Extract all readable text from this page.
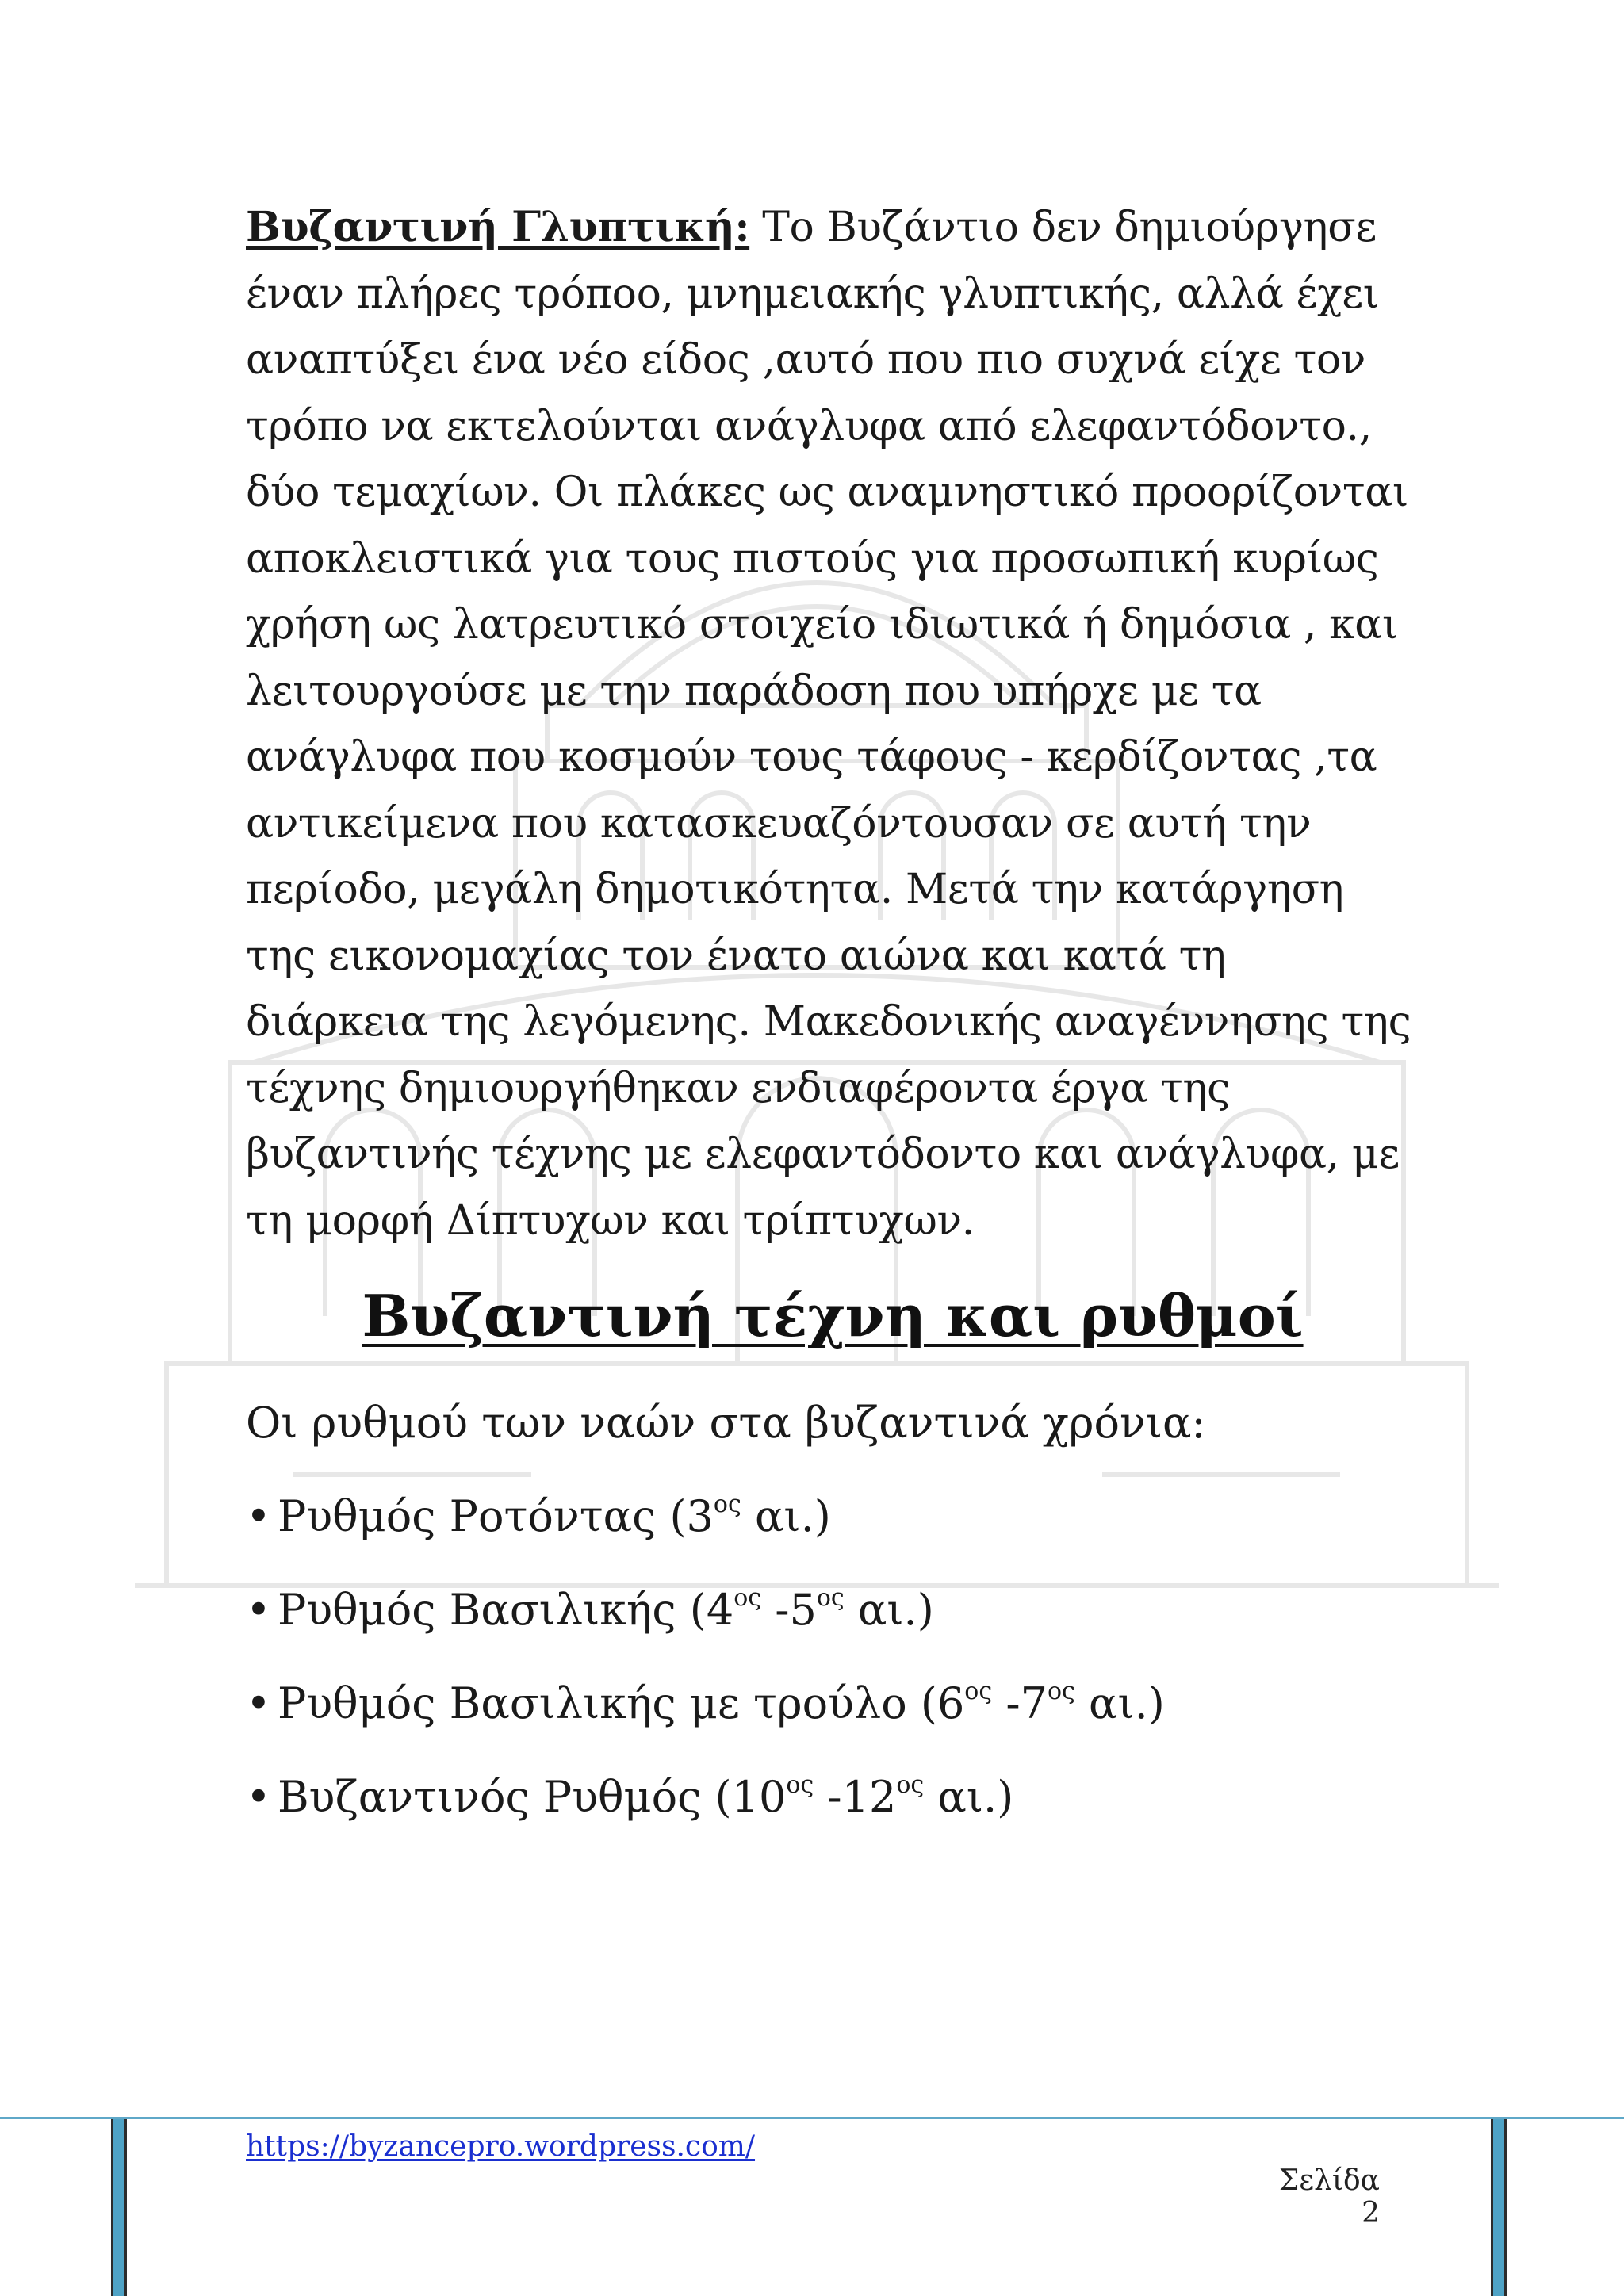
Βυζαντινή Γλυπτική: Το Βυζάντιο δεν δημιούργησε έναν πλήρες τρόποο, μνημειακής γλυπτικής, αλλά έχει αναπτύξει ένα νέο είδος ,αυτό που πιο συχνά είχε τον τρόπο να εκτελούνται ανάγλυφα από ελεφαντόδοντο., δύο τεμαχίων. Οι πλάκες ως αναμνηστικό προορίζονται αποκλειστικά για τους πιστούς για προσωπική κυρίως χρήση ως λατρευτικό στοιχείο ιδιωτικά ή δημόσια , και λειτουργούσε με την παράδοση που υπήρχε με τα ανάγλυφα που κοσμούν τους τάφους - κερδίζοντας ,τα αντικείμενα που κατασκευαζόντουσαν σε αυτή την περίοδο, μεγάλη δημοτικότητα. Μετά την κατάργηση της εικονομαχίας τον ένατο αιώνα και κατά τη διάρκεια της λεγόμενης. Μακεδονικής αναγέννησης της τέχνης δημιουργήθηκαν ενδιαφέροντα έργα της βυζαντινής τέχνης με ελεφαντόδοντο και ανάγλυφα, με τη μορφή Δίπτυχων και τρίπτυχων.

Βυζαντινή τέχνη και ρυθμοί

Οι ρυθμού των ναών στα βυζαντινά χρόνια:

• Ρυθμός Ροτόντας ($3^{o\varsigma}$ αι.)
• Ρυθμός Βασιλικής ($4^{o\varsigma}$ $-5^{o\varsigma}$ αι.)
• Ρυθμός Βασιλικής με τρούλο ($6^{o\varsigma}$ $-7^{o\varsigma}$ αι.)
• Βυζαντινός Ρυθμός ($10^{o\varsigma}$ $-12^{o\varsigma}$ αι.)
https://byzancepro.wordpress.com/
Σελίδα 2
